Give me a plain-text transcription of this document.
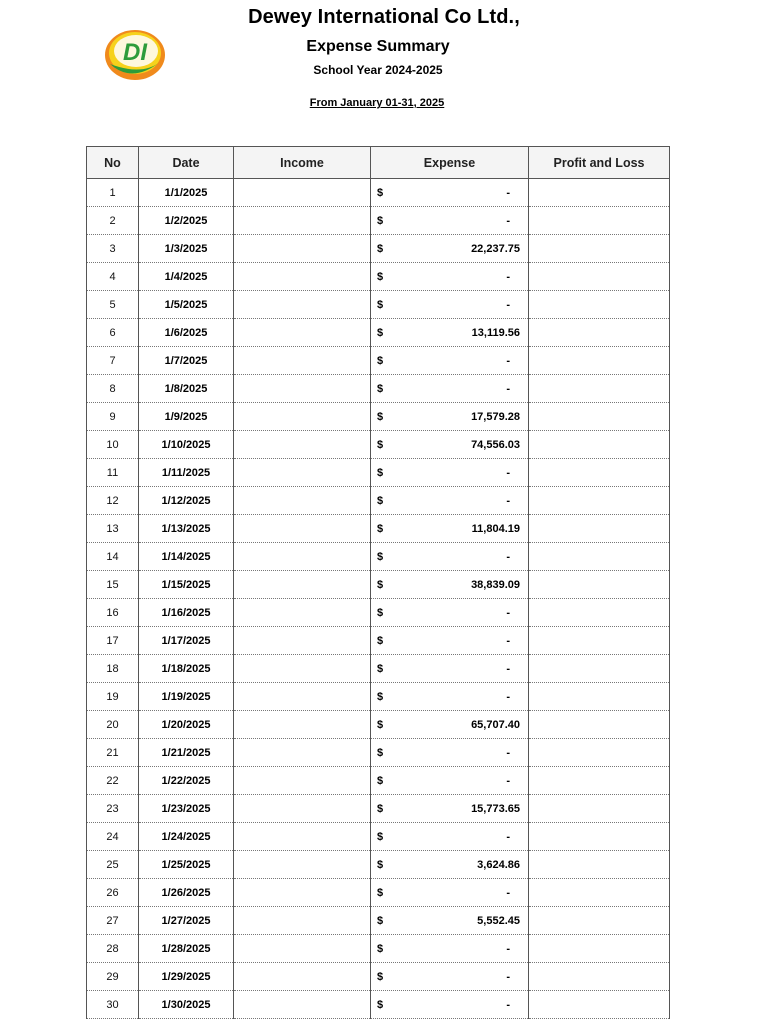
DI
Dewey International Co Ltd.,
Expense Summary
School Year 2024-2025
From January 01-31, 2025
No	Date	Income	Expense	Profit and Loss
1	1/1/2025		$ -	

2	1/2/2025		$ -	

3	1/3/2025		$ 22,237.75	

4	1/4/2025		$ -	

5	1/5/2025		$ -	

6	1/6/2025		$ 13,119.56	

7	1/7/2025		$ -	

8	1/8/2025		$ -	

9	1/9/2025		$ 17,579.28	

10	1/10/2025		$ 74,556.03	

11	1/11/2025		$ -	

12	1/12/2025		$ -	

13	1/13/2025		$ 11,804.19	

14	1/14/2025		$ -	

15	1/15/2025		$ 38,839.09	

16	1/16/2025		$ -	

17	1/17/2025		$ -	

18	1/18/2025		$ -	

19	1/19/2025		$ -	

20	1/20/2025		$ 65,707.40	

21	1/21/2025		$ -	

22	1/22/2025		$ -	

23	1/23/2025		$ 15,773.65	

24	1/24/2025		$ -	

25	1/25/2025		$ 3,624.86	

26	1/26/2025		$ -	

27	1/27/2025		$ 5,552.45	

28	1/28/2025		$ -	

29	1/29/2025		$ -	

30	1/30/2025		$ -	
